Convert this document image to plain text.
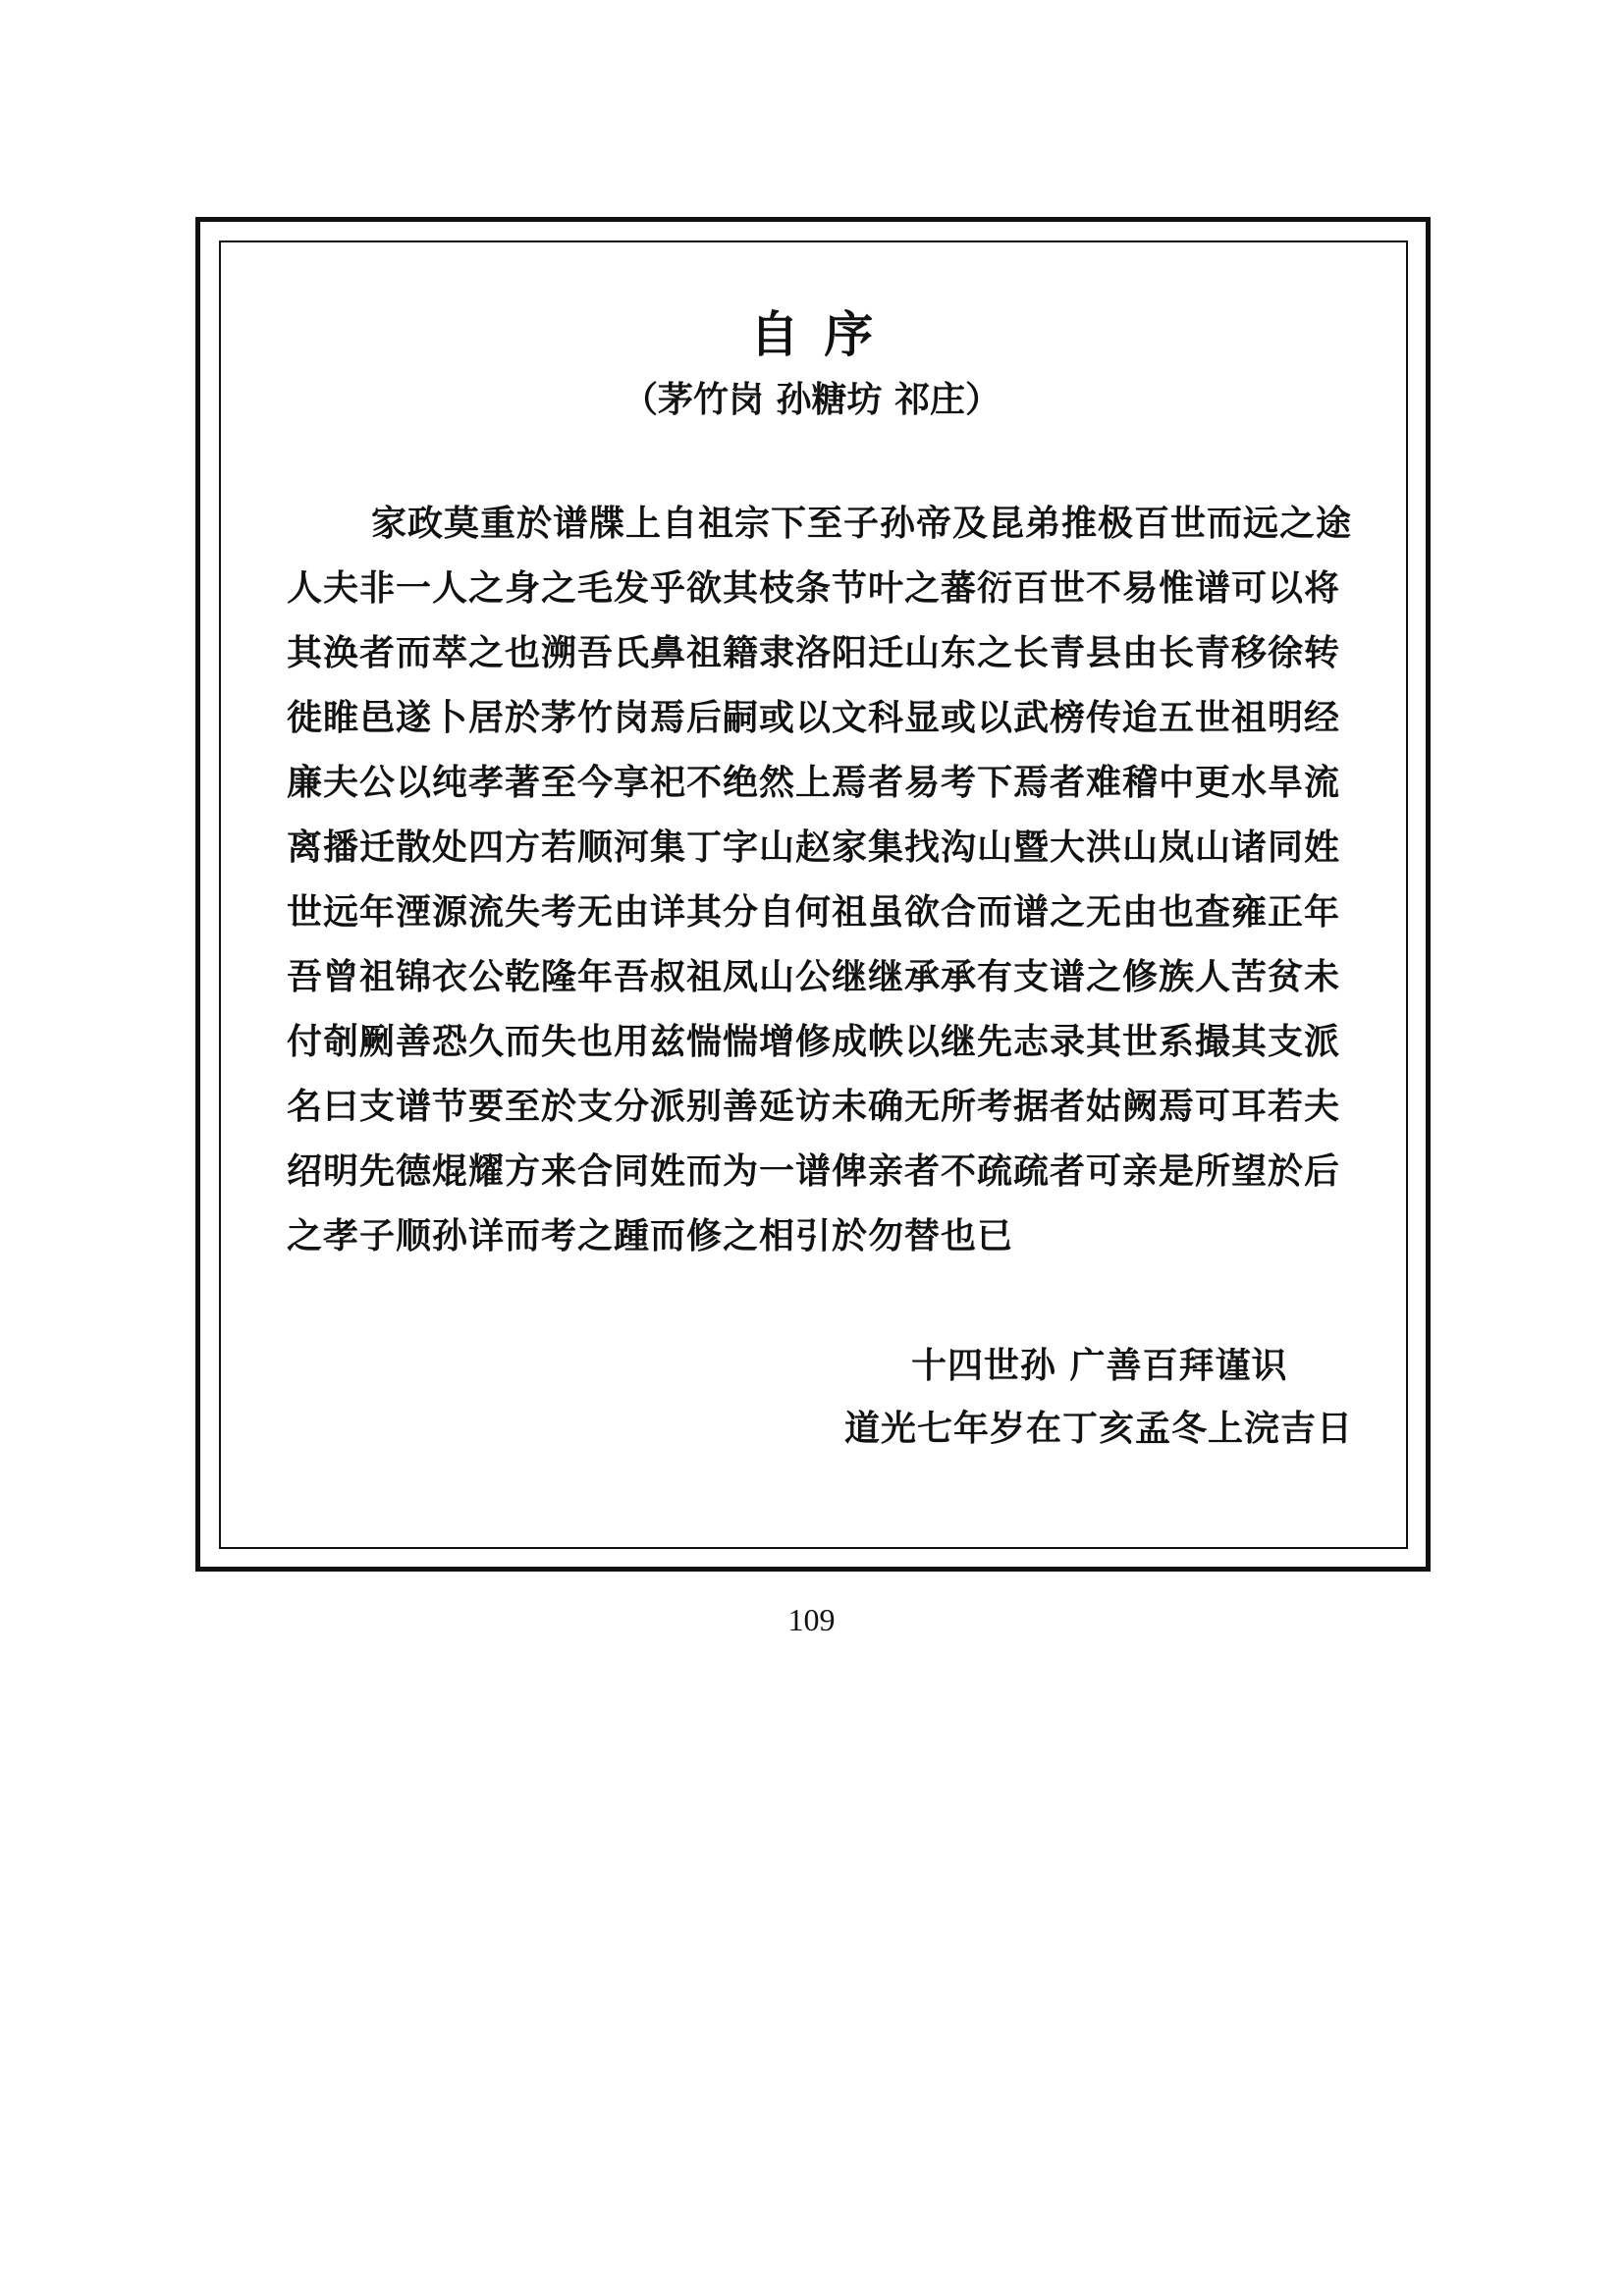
自 序
（茅竹岗 孙糖坊 祁庄）
家政莫重於谱牒上自祖宗下至子孙帝及昆弟推极百世而远之途
人夫非一人之身之毛发乎欲其枝条节叶之蕃衍百世不易惟谱可以将
其涣者而萃之也溯吾氏鼻祖籍隶洛阳迁山东之长青县由长青移徐转
徙睢邑遂卜居於茅竹岗焉后嗣或以文科显或以武榜传迨五世祖明经
廉夫公以纯孝著至今享祀不绝然上焉者易考下焉者难稽中更水旱流
离播迁散处四方若顺河集丁字山赵家集找沟山暨大洪山岚山诸同姓
世远年湮源流失考无由详其分自何祖虽欲合而谱之无由也查雍正年
吾曾祖锦衣公乾隆年吾叔祖凤山公继继承承有支谱之修族人苦贫未
付剞劂善恐久而失也用兹惴惴增修成帙以继先志录其世系撮其支派
名曰支谱节要至於支分派别善延访未确无所考据者姑阙焉可耳若夫
绍明先德焜耀方来合同姓而为一谱俾亲者不疏疏者可亲是所望於后
之孝子顺孙详而考之踵而修之相引於勿替也已
十四世孙 广善百拜谨识
道光七年岁在丁亥孟冬上浣吉日
109
